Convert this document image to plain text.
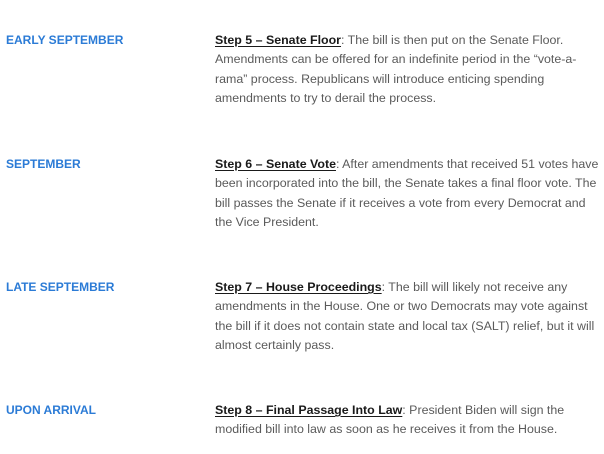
EARLY SEPTEMBER	Step 5 – Senate Floor: The bill is then put on the Senate Floor. Amendments can be offered for an indefinite period in the “vote-a-rama” process. Republicans will introduce enticing spending amendments to try to derail the process.
SEPTEMBER	Step 6 – Senate Vote: After amendments that received 51 votes have been incorporated into the bill, the Senate takes a final floor vote. The bill passes the Senate if it receives a vote from every Democrat and the Vice President.
LATE SEPTEMBER	Step 7 – House Proceedings: The bill will likely not receive any amendments in the House. One or two Democrats may vote against the bill if it does not contain state and local tax (SALT) relief, but it will almost certainly pass.
UPON ARRIVAL	Step 8 – Final Passage Into Law: President Biden will sign the modified bill into law as soon as he receives it from the House.
